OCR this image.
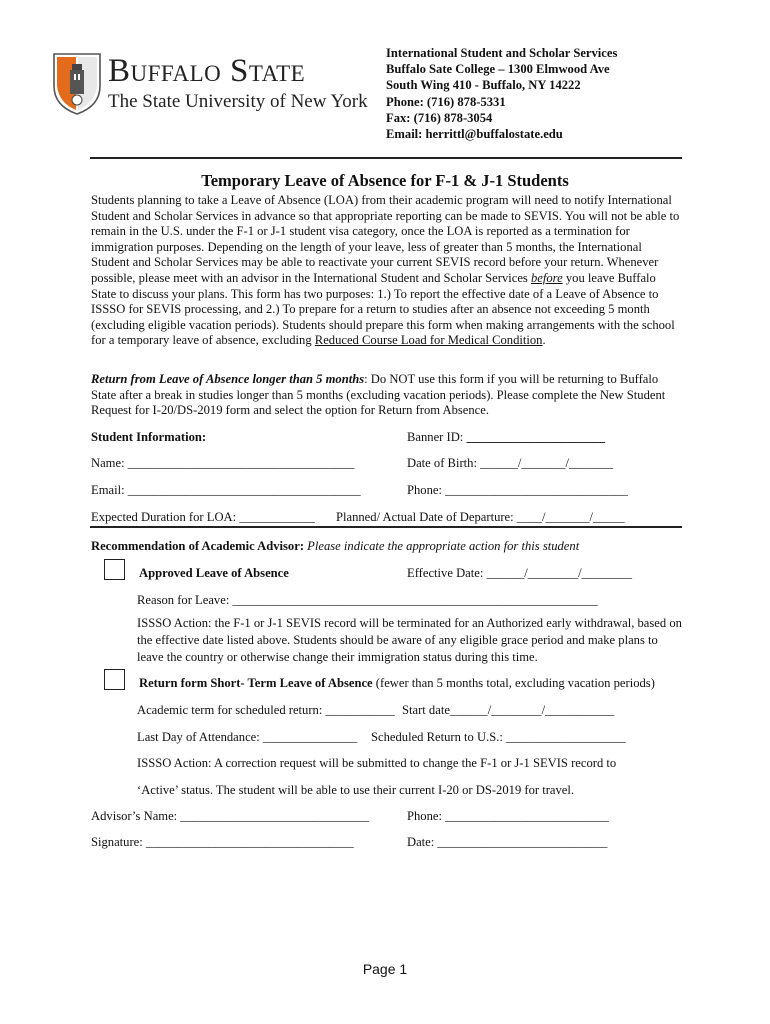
Buffalo State
The State University of New York
International Student and Scholar Services
Buffalo Sate College – 1300 Elmwood Ave
South Wing 410 - Buffalo, NY 14222
Phone: (716) 878-5331
Fax: (716) 878-3054
Email: herrittl@buffalostate.edu
Temporary Leave of Absence for F-1 & J-1 Students
Students planning to take a Leave of Absence (LOA) from their academic program will need to notify International Student and Scholar Services in advance so that appropriate reporting can be made to SEVIS. You will not be able to remain in the U.S. under the F-1 or J-1 student visa category, once the LOA is reported as a termination for immigration purposes. Depending on the length of your leave, less of greater than 5 months, the International Student and Scholar Services may be able to reactivate your current SEVIS record before your return. Whenever possible, please meet with an advisor in the International Student and Scholar Services before you leave Buffalo State to discuss your plans. This form has two purposes: 1.) To report the effective date of a Leave of Absence to ISSSO for SEVIS processing, and 2.) To prepare for a return to studies after an absence not exceeding 5 month (excluding eligible vacation periods). Students should prepare this form when making arrangements with the school for a temporary leave of absence, excluding Reduced Course Load for Medical Condition.
Return from Leave of Absence longer than 5 months: Do NOT use this form if you will be returning to Buffalo State after a break in studies longer than 5 months (excluding vacation periods). Please complete the New Student Request for I-20/DS-2019 form and select the option for Return from Absence.
Student Information:	Banner ID: ______________________
Name: ____________________________________	Date of Birth: ______/_______/_______
Email: _____________________________________	Phone: _____________________________
Expected Duration for LOA: ____________ Planned/ Actual Date of Departure: ____/_______/_____
Recommendation of Academic Advisor: Please indicate the appropriate action for this student
Approved Leave of Absence	Effective Date: ______/________/________
Reason for Leave: __________________________________________________________
ISSSO Action: the F-1 or J-1 SEVIS record will be terminated for an Authorized early withdrawal, based on the effective date listed above. Students should be aware of any eligible grace period and make plans to leave the country or otherwise change their immigration status during this time.
Return form Short- Term Leave of Absence (fewer than 5 months total, excluding vacation periods)
Academic term for scheduled return: ___________ Start date______/________/___________
Last Day of Attendance: _______________ Scheduled Return to U.S.: ___________________
ISSSO Action: A correction request will be submitted to change the F-1 or J-1 SEVIS record to
‘Active’ status. The student will be able to use their current I-20 or DS-2019 for travel.
Advisor’s Name: ______________________________	Phone: __________________________
Signature: _________________________________	Date: ___________________________
Page 1
